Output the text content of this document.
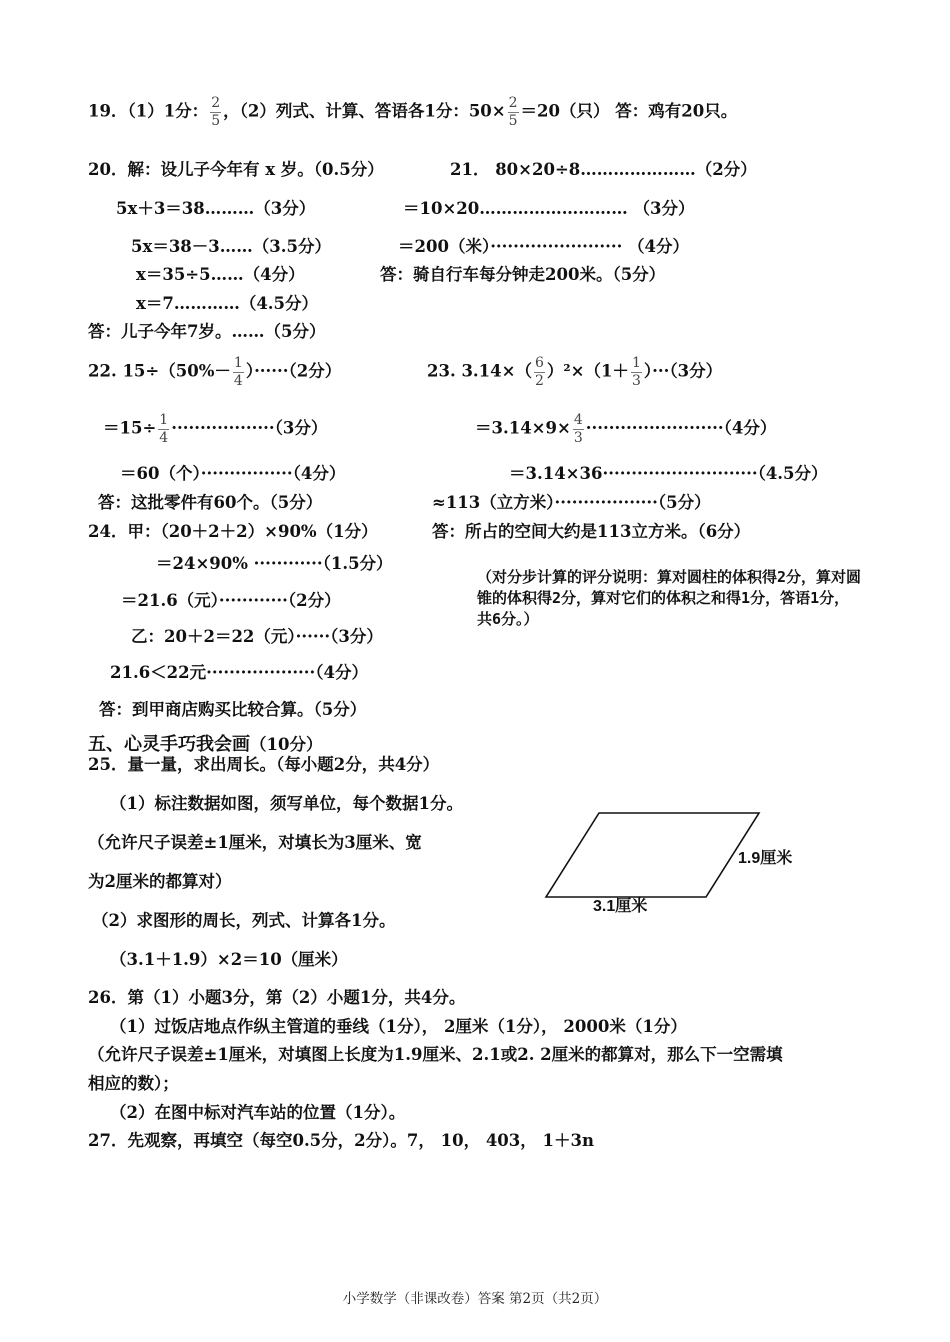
19．（1）1分： $\frac{2}{5}$ ，（2）列式、计算、答语各1分：$50\times \frac{2}{5} =20$（只） 答：鸡有20只。
20．解：设儿子今年有 x 岁。（0.5分）
5x＋3＝38………（3分）
5x＝38－3……（3.5分）
x＝35÷5……（4分）
x＝7…………（4.5分）
答：儿子今年7岁。……（5分）
21． 80×20÷8…………………（2分）
＝10×20……………………… （3分）
＝200（米）······················· （4分）
答：骑自行车每分钟走200米。（5分）
22. $15\div(50\%- \frac{1}{4} )\cdot\cdot\cdot\cdot\cdot\cdot(2$分）
$=15\div \frac{1}{4} \cdot\cdot\cdot\cdot\cdot\cdot\cdot\cdot\cdot\cdot\cdot\cdot\cdot\cdot\cdot\cdot\cdot\cdot(3$分）
＝60（个）················（4分）
答：这批零件有60个。（5分）
23. $3.14\times( \frac{6}{2} )^2\times(1+ \frac{1}{3} )\cdot\cdot\cdot(3$分）
$=3.14\times 9\times \frac{4}{3} \cdot\cdot\cdot\cdot\cdot\cdot\cdot\cdot\cdot\cdot\cdot\cdot\cdot\cdot\cdot\cdot\cdot\cdot\cdot\cdot\cdot\cdot\cdot\cdot(4$分）
＝3.14×36···························（4.5分）
≈113（立方米）··················（5分）
答：所占的空间大约是113立方米。（6分）
（对分步计算的评分说明：算对圆柱的体积得2分，算对圆锥的体积得2分，算对它们的体积之和得1分，答语1分，共6分。）
24．甲：（20＋2＋2）×90%（1分）
＝24×90% ············（1.5分）
＝21.6（元）············（2分）
乙：20＋2＝22（元）······（3分）
21.6＜22元···················（4分）
答：到甲商店购买比较合算。（5分）
五、心灵手巧我会画（10分）
25．量一量，求出周长。（每小题2分，共4分）
（1）标注数据如图，须写单位，每个数据1分。
（允许尺子误差±1厘米，对填长为3厘米、宽
为2厘米的都算对）
（2）求图形的周长，列式、计算各1分。
（3.1＋1.9）×2＝10（厘米）
1.9厘米
3.1厘米
26．第（1）小题3分，第（2）小题1分，共4分。
（1）过饭店地点作纵主管道的垂线（1分）， 2厘米（1分）， 2000米（1分）
（允许尺子误差±1厘米，对填图上长度为1.9厘米、2.1或2. 2厘米的都算对，那么下一空需填
相应的数）；
（2）在图中标对汽车站的位置（1分）。
27．先观察，再填空（每空0.5分，2分）。7， 10， 403， 1＋3n
小学数学（非课改卷）答案 第2页（共2页）
